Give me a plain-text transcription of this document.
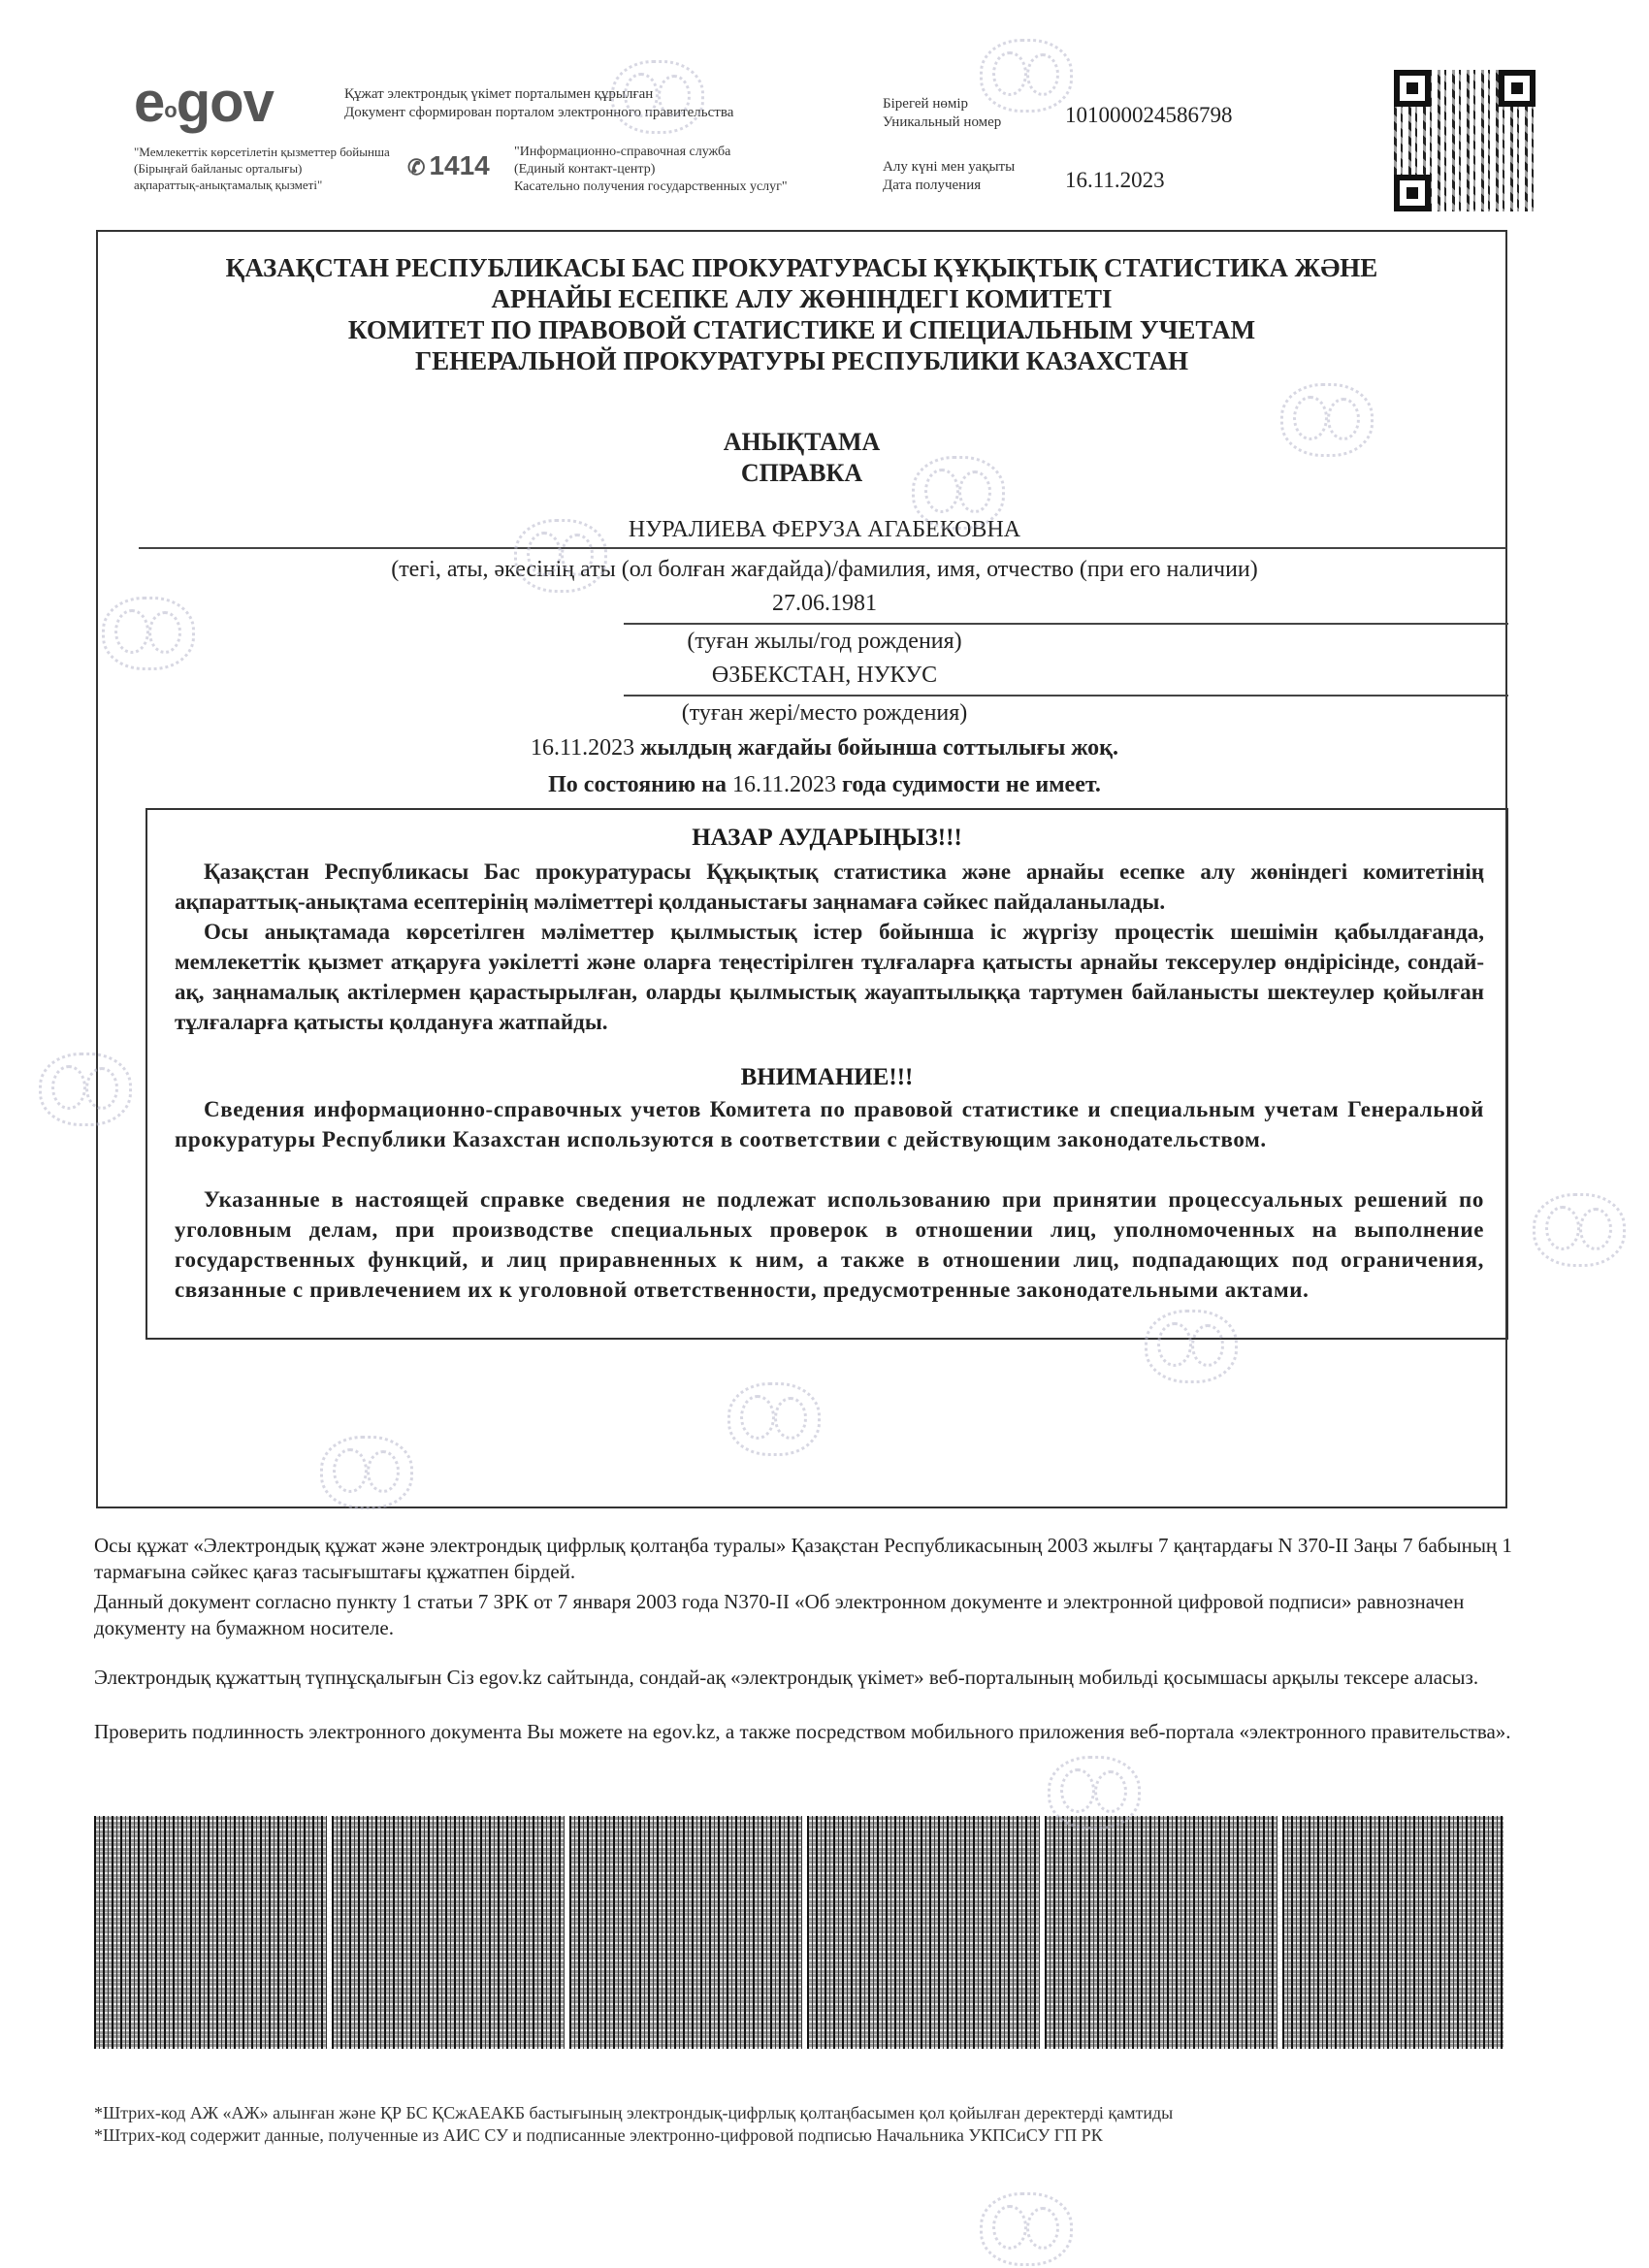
eogov	Құжат электрондық үкімет порталымен құрылған
Документ сформирован порталом электронного правительства
"Мемлекеттік көрсетілетін қызметтер бойынша
(Бірыңғай байланыс орталығы)
ақпараттық-анықтамалық қызметі"
✆ 1414 "Информационно-справочная служба
(Единый контакт-центр)
Касательно получения государственных услуг"
Бірегей нөмір
Уникальный номер	101000024586798
Алу күні мен уақыты
Дата получения	16.11.2023
ҚАЗАҚСТАН РЕСПУБЛИКАСЫ БАС ПРОКУРАТУРАСЫ ҚҰҚЫҚТЫҚ СТАТИСТИКА ЖӘНЕ
АРНАЙЫ ЕСЕПКЕ АЛУ ЖӨНІНДЕГІ КОМИТЕТІ
КОМИТЕТ ПО ПРАВОВОЙ СТАТИСТИКЕ И СПЕЦИАЛЬНЫМ УЧЕТАМ
ГЕНЕРАЛЬНОЙ ПРОКУРАТУРЫ РЕСПУБЛИКИ КАЗАХСТАН
АНЫҚТАМА
СПРАВКА
НУРАЛИЕВА ФЕРУЗА АГАБЕКОВНА
(тегі, аты, әкесінің аты (ол болған жағдайда)/фамилия, имя, отчество (при его наличии)
27.06.1981
(туған жылы/год рождения)
ӨЗБЕКСТАН, НУКУС
(туған жері/место рождения)
16.11.2023 жылдың жағдайы бойынша соттылығы жоқ.
По состоянию на 16.11.2023 года судимости не имеет.
НАЗАР АУДАРЫҢЫЗ!!!
Қазақстан Республикасы Бас прокуратурасы Құқықтық статистика және арнайы есепке алу жөніндегі комитетінің ақпараттық-анықтама есептерінің мәліметтері қолданыстағы заңнамаға сәйкес пайдаланылады.
Осы анықтамада көрсетілген мәліметтер қылмыстық істер бойынша іс жүргізу процестік шешімін қабылдағанда, мемлекеттік қызмет атқаруға уәкілетті және оларға теңестірілген тұлғаларға қатысты арнайы тексерулер өндірісінде, сондай-ақ, заңнамалық актілермен қарастырылған, оларды қылмыстық жауаптылыққа тартумен байланысты шектеулер қойылған тұлғаларға қатысты қолдануға жатпайды.
ВНИМАНИЕ!!!
Сведения информационно-справочных учетов Комитета по правовой статистике и специальным учетам Генеральной прокуратуры Республики Казахстан используются в соответствии с действующим законодательством.
Указанные в настоящей справке сведения не подлежат использованию при принятии процессуальных решений по уголовным делам, при производстве специальных проверок в отношении лиц, уполномоченных на выполнение государственных функций, и лиц приравненных к ним, а также в отношении лиц, подпадающих под ограничения, связанные с привлечением их к уголовной ответственности, предусмотренные законодательными актами.
Осы құжат «Электрондық құжат және электрондық цифрлық қолтаңба туралы» Қазақстан Республикасының 2003 жылғы 7 қаңтардағы N 370-II Заңы 7 бабының 1 тармағына сәйкес қағаз тасығыштағы құжатпен бірдей.
Данный документ согласно пункту 1 статьи 7 ЗРК от 7 января 2003 года N370-II «Об электронном документе и электронной цифровой подписи» равнозначен документу на бумажном носителе.
Электрондық құжаттың түпнұсқалығын Сіз egov.kz сайтында, сондай-ақ «электрондық үкімет» веб-порталының мобильді қосымшасы арқылы тексере аласыз.
Проверить подлинность электронного документа Вы можете на egov.kz, а также посредством мобильного приложения веб-портала «электронного правительства».
*Штрих-код АЖ «АЖ» алынған және ҚР БС ҚСжАЕАКБ бастығының электрондық-цифрлық қолтаңбасымен қол қойылған деректерді қамтиды
*Штрих-код содержит данные, полученные из АИС СУ и подписанные электронно-цифровой подписью Начальника УКПСиСУ ГП РК
